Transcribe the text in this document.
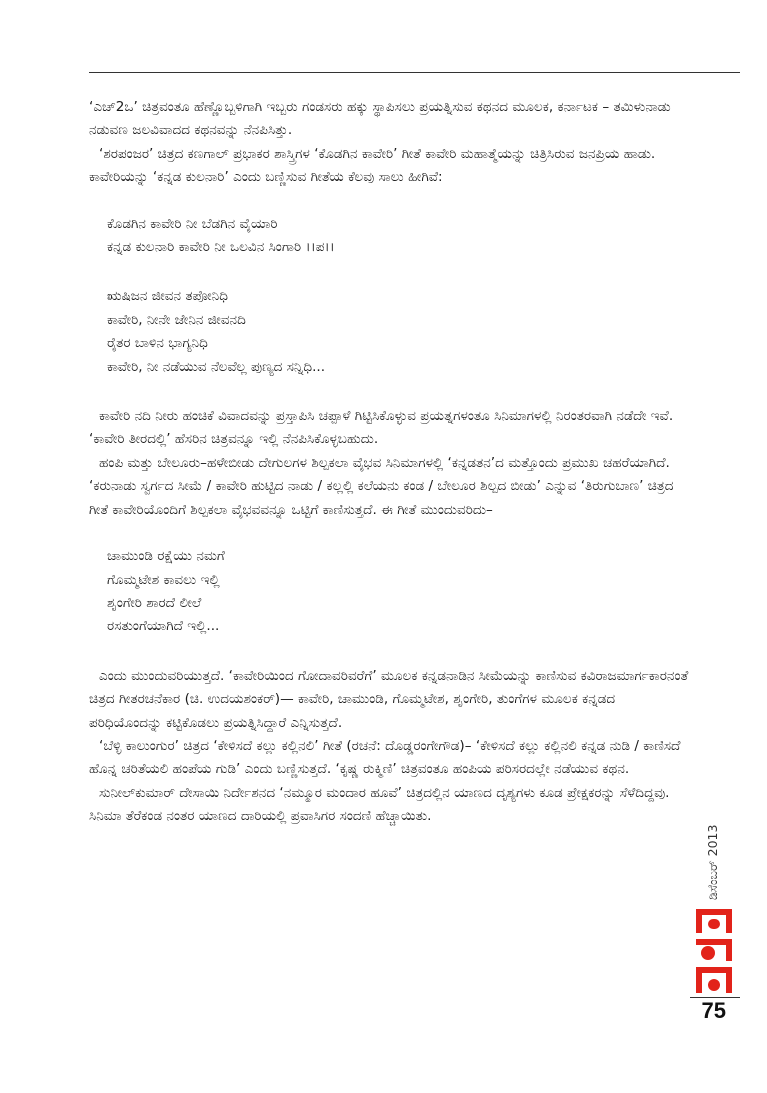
‘ಎಚ್2ಒ’ ಚಿತ್ರವಂತೂ ಹೆಣ್ಣೊಬ್ಬಳಿಗಾಗಿ ಇಬ್ಬರು ಗಂಡಸರು ಹಕ್ಕು ಸ್ಥಾಪಿಸಲು ಪ್ರಯತ್ನಿಸುವ ಕಥನದ ಮೂಲಕ, ಕರ್ನಾಟಕ – ತಮಿಳುನಾಡು ನಡುವಣ ಜಲವಿವಾದದ ಕಥನವನ್ನು ನೆನಪಿಸಿತ್ತು.

‘ಶರಪಂಜರ’ ಚಿತ್ರದ ಕಣಗಾಲ್ ಪ್ರಭಾಕರ ಶಾಸ್ತ್ರಿಗಳ ‘ಕೊಡಗಿನ ಕಾವೇರಿ’ ಗೀತೆ ಕಾವೇರಿ ಮಹಾತ್ಮೆಯನ್ನು ಚಿತ್ರಿಸಿರುವ ಜನಪ್ರಿಯ ಹಾಡು. ಕಾವೇರಿಯನ್ನು ‘ಕನ್ನಡ ಕುಲನಾರಿ’ ಎಂದು ಬಣ್ಣಿಸುವ ಗೀತೆಯ ಕೆಲವು ಸಾಲು ಹೀಗಿವೆ:

ಕೊಡಗಿನ ಕಾವೇರಿ ನೀ ಬೆಡಗಿನ ವೈಯಾರಿ
ಕನ್ನಡ ಕುಲನಾರಿ ಕಾವೇರಿ ನೀ ಒಲವಿನ ಸಿಂಗಾರಿ ।।ಪ।।
ಋಷಿಜನ ಜೀವನ ತಪೋನಿಧಿ
ಕಾವೇರಿ, ನೀನೇ ಜೇನಿನ ಜೀವನದಿ
ರೈತರ ಬಾಳಿನ ಭಾಗ್ಯನಿಧಿ
ಕಾವೇರಿ, ನೀ ನಡೆಯುವ ನೆಲವೆಲ್ಲ ಪುಣ್ಯದ ಸನ್ನಿಧಿ...

ಕಾವೇರಿ ನದಿ ನೀರು ಹಂಚಿಕೆ ವಿವಾದವನ್ನು ಪ್ರಸ್ತಾಪಿಸಿ ಚಪ್ಪಾಳೆ ಗಿಟ್ಟಿಸಿಕೊಳ್ಳುವ ಪ್ರಯತ್ನಗಳಂತೂ ಸಿನಿಮಾಗಳಲ್ಲಿ ನಿರಂತರವಾಗಿ ನಡೆದೇ ಇವೆ. ‘ಕಾವೇರಿ ತೀರದಲ್ಲಿ’ ಹೆಸರಿನ ಚಿತ್ರವನ್ನೂ ಇಲ್ಲಿ ನೆನಪಿಸಿಕೊಳ್ಳಬಹುದು.

ಹಂಪಿ ಮತ್ತು ಬೇಲೂರು–ಹಳೇಬೀಡು ದೇಗುಲಗಳ ಶಿಲ್ಪಕಲಾ ವೈಭವ ಸಿನಿಮಾಗಳಲ್ಲಿ ‘ಕನ್ನಡತನ’ದ ಮತ್ತೊಂದು ಪ್ರಮುಖ ಚಹರೆಯಾಗಿದೆ. ‘ಕರುನಾಡು ಸ್ವರ್ಗದ ಸೀಮೆ / ಕಾವೇರಿ ಹುಟ್ಟಿದ ನಾಡು / ಕಲ್ಲಲ್ಲಿ ಕಲೆಯನು ಕಂಡ / ಬೇಲೂರ ಶಿಲ್ಪದ ಬೀಡು’ ಎನ್ನುವ ‘ತಿರುಗುಬಾಣ’ ಚಿತ್ರದ ಗೀತೆ ಕಾವೇರಿಯೊಂದಿಗೆ ಶಿಲ್ಪಕಲಾ ವೈಭವವನ್ನೂ ಒಟ್ಟಿಗೆ ಕಾಣಿಸುತ್ತದೆ. ಈ ಗೀತೆ ಮುಂದುವರಿದು–

ಚಾಮುಂಡಿ ರಕ್ಷೆಯು ನಮಗೆ
ಗೊಮ್ಮಟೇಶ ಕಾವಲು ಇಲ್ಲಿ
ಶೃಂಗೇರಿ ಶಾರದೆ ಲೀಲೆ
ರಸತುಂಗೆಯಾಗಿದೆ ಇಲ್ಲಿ...

ಎಂದು ಮುಂದುವರಿಯುತ್ತದೆ. ‘ಕಾವೇರಿಯಿಂದ ಗೋದಾವರಿವರೆಗೆ’ ಮೂಲಕ ಕನ್ನಡನಾಡಿನ ಸೀಮೆಯನ್ನು ಕಾಣಿಸುವ ಕವಿರಾಜಮಾರ್ಗಕಾರನಂತೆ ಚಿತ್ರದ ಗೀತರಚನೆಕಾರ (ಚಿ. ಉದಯಶಂಕರ್)— ಕಾವೇರಿ, ಚಾಮುಂಡಿ, ಗೊಮ್ಮಟೇಶ, ಶೃಂಗೇರಿ, ತುಂಗೆಗಳ ಮೂಲಕ ಕನ್ನಡದ ಪರಿಧಿಯೊಂದನ್ನು ಕಟ್ಟಿಕೊಡಲು ಪ್ರಯತ್ನಿಸಿದ್ದಾರೆ ಎನ್ನಿಸುತ್ತದೆ.

‘ಬೆಳ್ಳಿ ಕಾಲುಂಗುರ’ ಚಿತ್ರದ ‘ಕೇಳಿಸದೆ ಕಲ್ಲು ಕಲ್ಲಿನಲಿ’ ಗೀತೆ (ರಚನೆ: ದೊಡ್ಡರಂಗೇಗೌಡ)– ‘ಕೇಳಿಸದೆ ಕಲ್ಲು ಕಲ್ಲಿನಲಿ ಕನ್ನಡ ನುಡಿ / ಕಾಣಿಸದೆ ಹೊನ್ನ ಚರಿತೆಯಲಿ ಹಂಪೆಯ ಗುಡಿ’ ಎಂದು ಬಣ್ಣಿಸುತ್ತದೆ. ‘ಕೃಷ್ಣ ರುಕ್ಮಿಣಿ’ ಚಿತ್ರವಂತೂ ಹಂಪಿಯ ಪರಿಸರದಲ್ಲೇ ನಡೆಯುವ ಕಥನ.

ಸುನೀಲ್‌ಕುಮಾರ್ ದೇಸಾಯಿ ನಿರ್ದೇಶನದ ‘ನಮ್ಮೂರ ಮಂದಾರ ಹೂವೆ’ ಚಿತ್ರದಲ್ಲಿನ ಯಾಣದ ದೃಶ್ಯಗಳು ಕೂಡ ಪ್ರೇಕ್ಷಕರನ್ನು ಸೆಳೆದಿದ್ದವು. ಸಿನಿಮಾ ತೆರೆಕಂಡ ನಂತರ ಯಾಣದ ದಾರಿಯಲ್ಲಿ ಪ್ರವಾಸಿಗರ ಸಂದಣಿ ಹೆಚ್ಚಾಯಿತು.

ಡಿಸೆಂಬರ್ 2013
75
